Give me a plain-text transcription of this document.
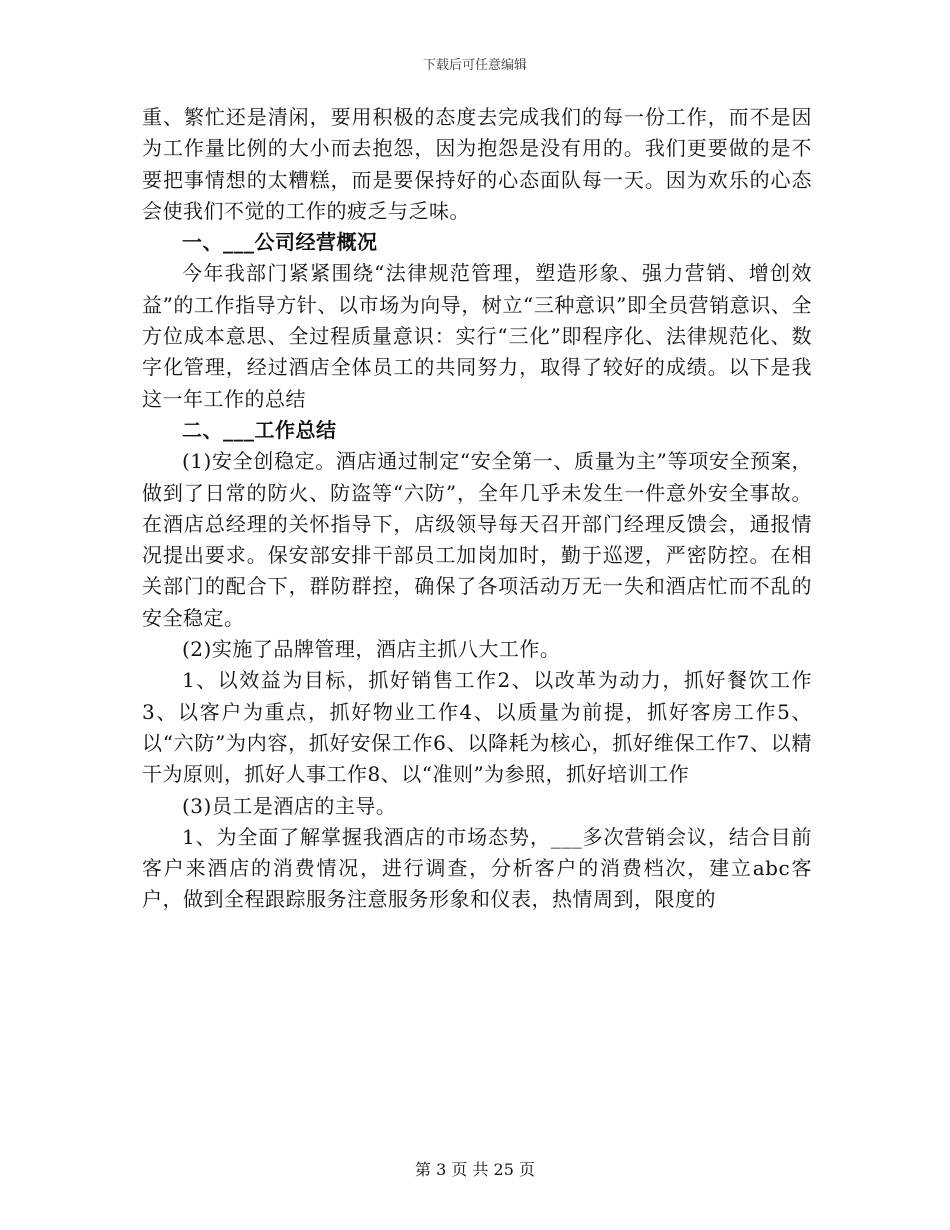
下载后可任意编辑

重、繁忙还是清闲，要用积极的态度去完成我们的每一份工作，而不是因为工作量比例的大小而去抱怨，因为抱怨是没有用的。我们更要做的是不要把事情想的太糟糕，而是要保持好的心态面队每一天。因为欢乐的心态会使我们不觉的工作的疲乏与乏味。

一、___公司经营概况

今年我部门紧紧围绕“法律规范管理，塑造形象、强力营销、增创效益”的工作指导方针、以市场为向导，树立“三种意识”即全员营销意识、全方位成本意思、全过程质量意识：实行“三化”即程序化、法律规范化、数字化管理，经过酒店全体员工的共同努力，取得了较好的成绩。以下是我这一年工作的总结

二、___工作总结

(1)安全创稳定。酒店通过制定“安全第一、质量为主”等项安全预案，做到了日常的防火、防盗等“六防”，全年几乎未发生一件意外安全事故。在酒店总经理的关怀指导下，店级领导每天召开部门经理反馈会，通报情况提出要求。保安部安排干部员工加岗加时，勤于巡逻，严密防控。在相关部门的配合下，群防群控，确保了各项活动万无一失和酒店忙而不乱的安全稳定。

(2)实施了品牌管理，酒店主抓八大工作。

1、以效益为目标，抓好销售工作2、以改革为动力，抓好餐饮工作3、以客户为重点，抓好物业工作4、以质量为前提，抓好客房工作5、以“六防”为内容，抓好安保工作6、以降耗为核心，抓好维保工作7、以精干为原则，抓好人事工作8、以“准则”为参照，抓好培训工作

(3)员工是酒店的主导。

1、为全面了解掌握我酒店的市场态势，___多次营销会议，结合目前客户来酒店的消费情况，进行调查，分析客户的消费档次，建立abc客户，做到全程跟踪服务注意服务形象和仪表，热情周到，限度的

第 3 页 共 25 页
